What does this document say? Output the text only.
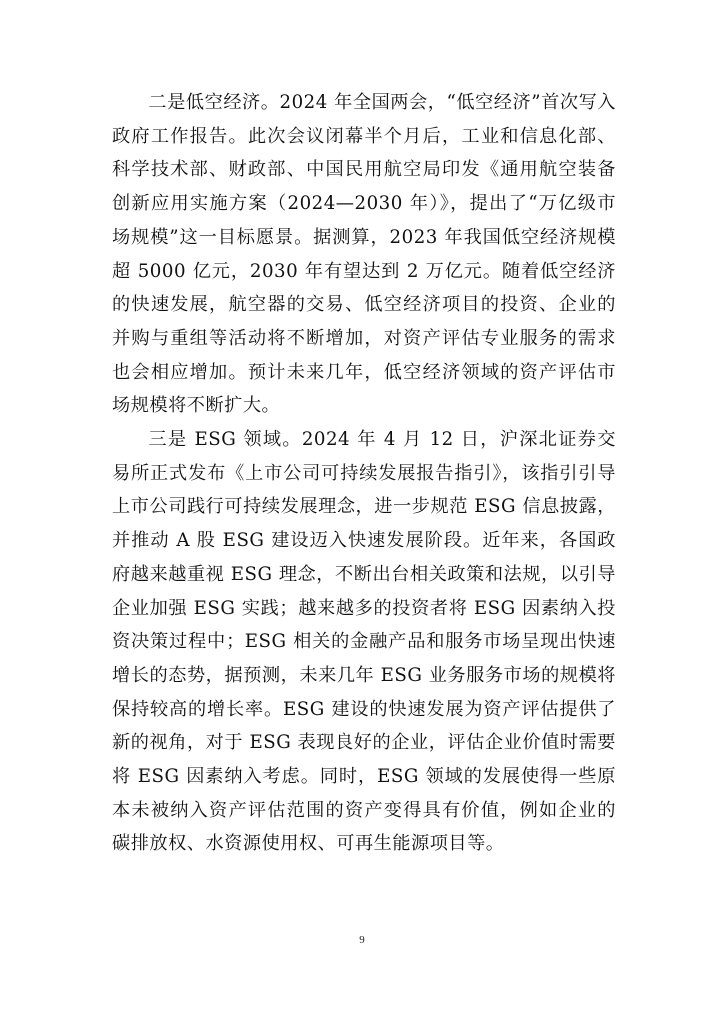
二是低空经济。2024 年全国两会，“低空经济”首次写入政府工作报告。此次会议闭幕半个月后，工业和信息化部、科学技术部、财政部、中国民用航空局印发《通用航空装备创新应用实施方案（2024—2030 年）》，提出了“万亿级市场规模”这一目标愿景。据测算，2023 年我国低空经济规模超 5000 亿元，2030 年有望达到 2 万亿元。随着低空经济的快速发展，航空器的交易、低空经济项目的投资、企业的并购与重组等活动将不断增加，对资产评估专业服务的需求也会相应增加。预计未来几年，低空经济领域的资产评估市场规模将不断扩大。

三是 ESG 领域。2024 年 4 月 12 日，沪深北证券交易所正式发布《上市公司可持续发展报告指引》，该指引引导上市公司践行可持续发展理念，进一步规范 ESG 信息披露，并推动 A 股 ESG 建设迈入快速发展阶段。近年来，各国政府越来越重视 ESG 理念，不断出台相关政策和法规，以引导企业加强 ESG 实践；越来越多的投资者将 ESG 因素纳入投资决策过程中；ESG 相关的金融产品和服务市场呈现出快速增长的态势，据预测，未来几年 ESG 业务服务市场的规模将保持较高的增长率。ESG 建设的快速发展为资产评估提供了新的视角，对于 ESG 表现良好的企业，评估企业价值时需要将 ESG 因素纳入考虑。同时，ESG 领域的发展使得一些原本未被纳入资产评估范围的资产变得具有价值，例如企业的碳排放权、水资源使用权、可再生能源项目等。

9
